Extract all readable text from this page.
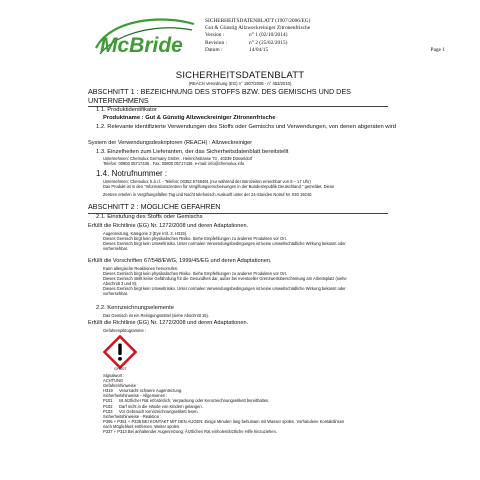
McBride
SICHERHEITSDATENBLATT (1907/2006/EG)
Gut & Günstig Allzweckreiniger Zitronenfrische
Version :	n° 1 (02/10/2014)
Revision :	n° 2 (25/02/2015)
Datum :	14/04/15	Page 1
SICHERHEITSDATENBLATT
(REACH Verordnung (EG) n° 1907/2006 - n° 453/2010)
ABSCHNITT 1 : BEZEICHNUNG DES STOFFS BZW. DES GEMISCHS UND DES UNTERNEHMENS
1.1. Produktidentifikator
Produktname : Gut & Günstig Allzweckreiniger Zitronenfrische
1.2. Relevante identifizierte Verwendungen des Stoffs oder Gemischs und Verwendungen, von denen abgeraten wird
System der Verwendungsdeskriptoren (REACH) : Allzweckreiniger
1.3. Einzelheiten zum Lieferanten, der das Sicherheitsdatenblatt bereitstellt
Unternehmen: Chemolux Germany GmbH . Heinrichstrasse 73 , 40239 Düsseldorf
Telefon: 00800 05717436 . Fax: 00800 05717436. e-mail: info@chemolux.info
1.4. Notrufnummer :
Unternehmen: Chemolux S.à r.l. - Telefon: 00352 5748491 (nur während der Bürozeiten erreichbar von 8 – 17 Uhr)
Das Produkt ist in den "Informationszentren für Vergiftungserscheinungen in der Bundesrepublik Deutschland " gemeldet. Diese
Zentren erteilen in Vergiftungsfällen Tag und Nacht telefonisch Auskunft unter der 24-Stunden Notruf Nr. 030 19240.
ABSCHNITT 2 : MÖGLICHE GEFAHREN
2.1. Einstufung des Stoffs oder Gemischs
Erfüllt die Richtlinie (EG) Nr. 1272/2008 und deren Adaptationen.
Augenreizung, Kategorie 2 (Eye Irrit. 2, H319).
Dieses Gemisch birgt kein physikalisches Risiko. Siehe Empfehlungen zu anderen Produkten vor Ort.
Dieses Gemisch birgt kein Umweltrisiko. Unter normalen Verwendungsbedingungen ist keine umweltschädliche Wirkung bekannt oder
vorhersehbar.
Erfüllt die Vorschriften 67/548/EWG, 1999/45/EG und deren Adaptationen.
Kann allergische Reaktionen hervorrufen.
Dieses Gemisch birgt kein physikalisches Risiko. Siehe Empfehlungen zu anderen Produkten vor Ort.
Dieses Gemisch stellt keine Gefährdung für die Gesundheit dar, außer bei eventueller Grenzwertüberschreitung am Arbeitsplatz (siehe
Abschnitt 3 und 8).
Dieses Gemisch birgt kein Umweltrisiko. Unter normalen Verwendungsbedingungen ist keine umweltschädliche Wirkung bekannt oder
vorhersehbar.
2.2. Kennzeichnungselemente
Das Gemisch ist ein Reinigungsmittel (siehe Abschnitt 15).
Erfüllt die Richtlinie (EG) Nr. 1272/2008 und deren Adaptationen.
Gefahrenpiktogramme :
GHS07
Signalwort :
ACHTUNG
Gefahrenhinweise :
H319	Verursacht schwere Augenreizung.
Sicherheitshinweise - Allgemeines :
P101	Ist ärztlicher Rat erforderlich, Verpackung oder Kennzeichnungsetikett bereithalten.
P102	Darf nicht in die Hände von Kindern gelangen.
P103	Vor Gebrauch Kennzeichnungsetikett lesen.
Sicherheitshinweise - Reaktion :
P305 + P351 + P338 BEI KONTAKT MIT DEN AUGEN: Einige Minuten lang behutsam mit Wasser spülen. Vorhandene Kontaktlinsen
nach Möglichkeit entfernen. Weiter spülen.
P337 + P313 Bei anhaltender Augenreizung: Ärztlichen Rat einholen/ärztliche Hilfe hinzuziehen.
